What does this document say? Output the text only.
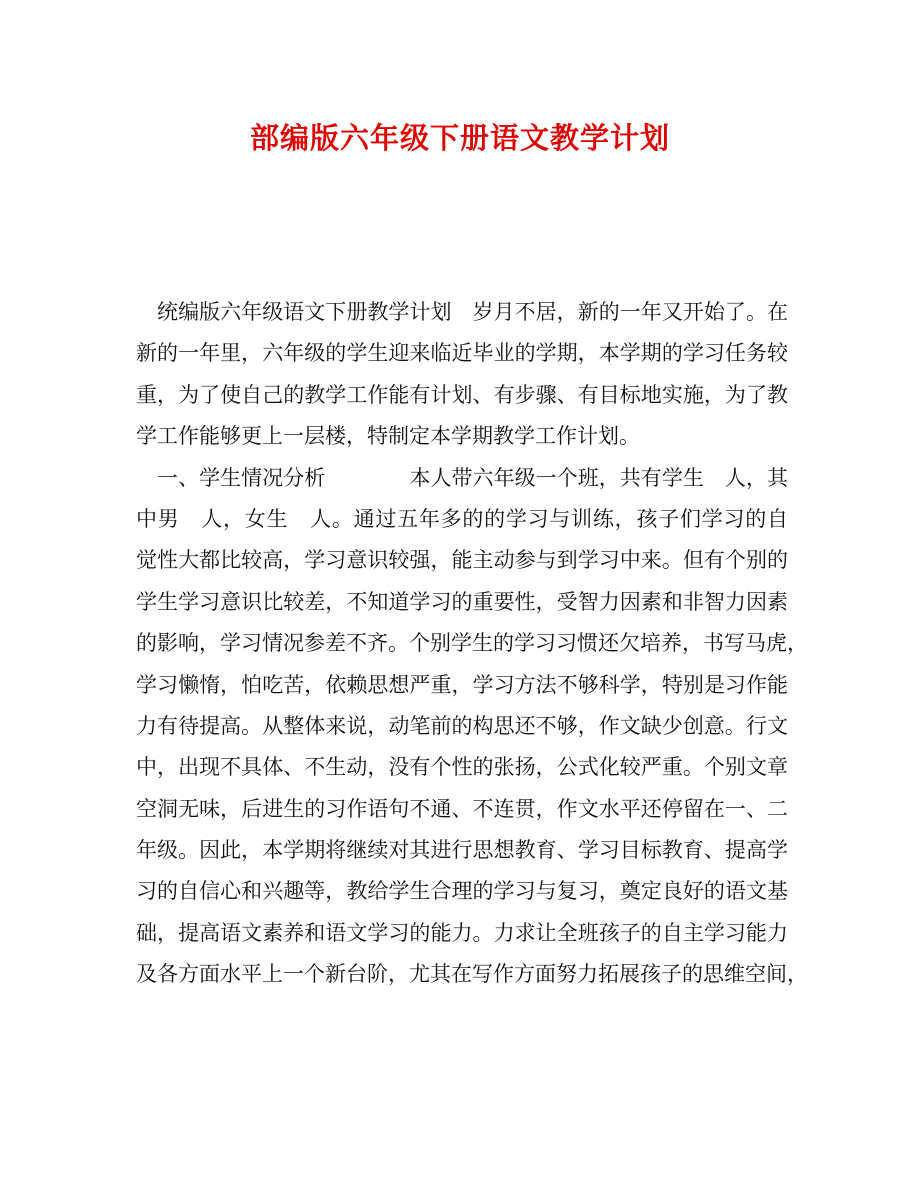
部编版六年级下册语文教学计划
　统编版六年级语文下册教学计划　岁月不居，新的一年又开始了。在
新的一年里，六年级的学生迎来临近毕业的学期，本学期的学习任务较
重，为了使自己的教学工作能有计划、有步骤、有目标地实施，为了教
学工作能够更上一层楼，特制定本学期教学工作计划。
　一、学生情况分析　　　　本人带六年级一个班，共有学生　人，其
中男　人，女生　人。通过五年多的的学习与训练，孩子们学习的自
觉性大都比较高，学习意识较强，能主动参与到学习中来。但有个别的
学生学习意识比较差，不知道学习的重要性，受智力因素和非智力因素
的影响，学习情况参差不齐。个别学生的学习习惯还欠培养，书写马虎，
学习懒惰，怕吃苦，依赖思想严重，学习方法不够科学，特别是习作能
力有待提高。从整体来说，动笔前的构思还不够，作文缺少创意。行文
中，出现不具体、不生动，没有个性的张扬，公式化较严重。个别文章
空洞无味，后进生的习作语句不通、不连贯，作文水平还停留在一、二
年级。因此，本学期将继续对其进行思想教育、学习目标教育、提高学
习的自信心和兴趣等，教给学生合理的学习与复习，奠定良好的语文基
础，提高语文素养和语文学习的能力。力求让全班孩子的自主学习能力
及各方面水平上一个新台阶，尤其在写作方面努力拓展孩子的思维空间，
